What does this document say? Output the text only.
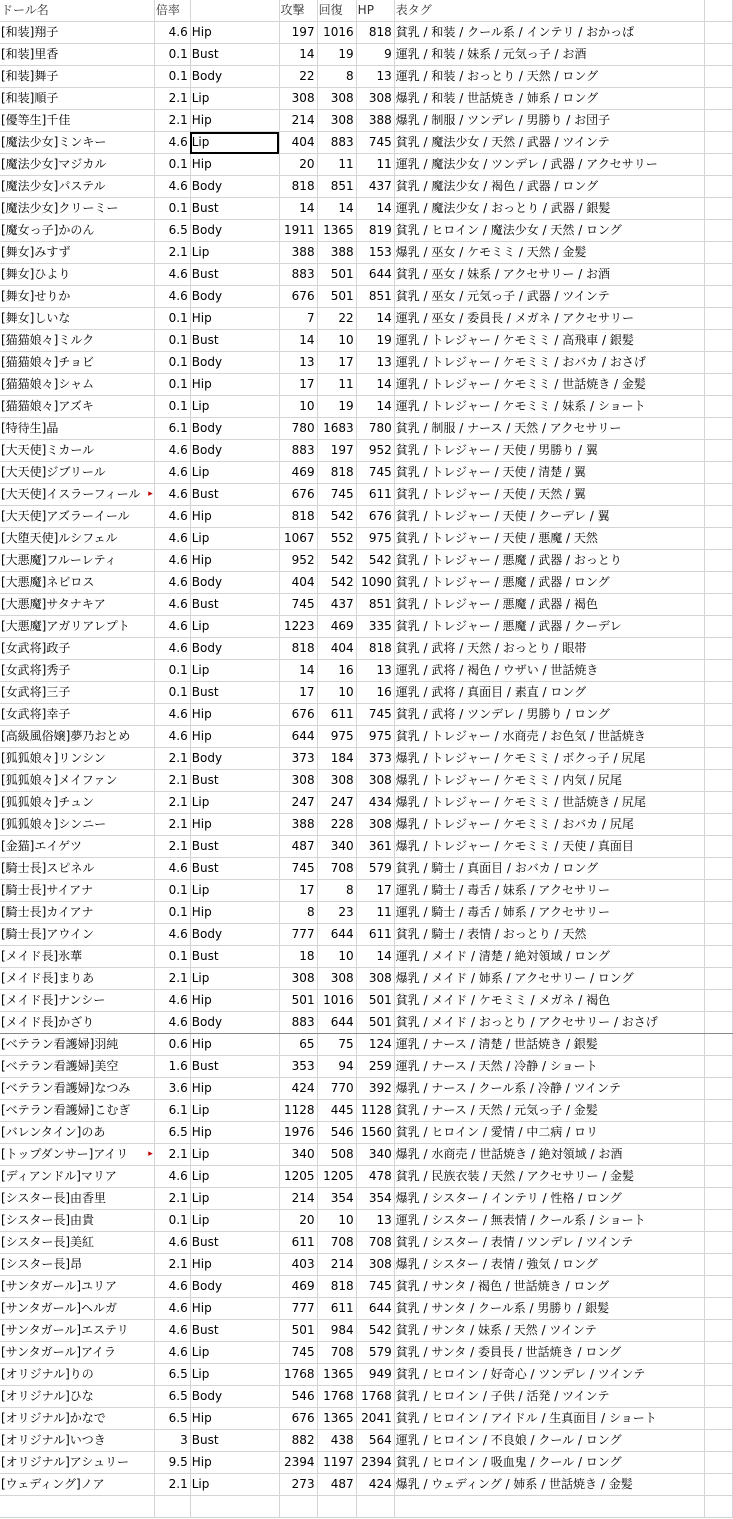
ドール名	倍率		攻撃	回復	HP	表タグ	
[和装]翔子	4.6	Hip	197	1016	818	貧乳 / 和装 / クール系 / インテリ / おかっぱ	
[和装]里香	0.1	Bust	14	19	9	運乳 / 和装 / 妹系 / 元気っ子 / お酒	
[和装]舞子	0.1	Body	22	8	13	運乳 / 和装 / おっとり / 天然 / ロング	
[和装]順子	2.1	Lip	308	308	308	爆乳 / 和装 / 世話焼き / 姉系 / ロング	
[優等生]千佳	2.1	Hip	214	308	388	爆乳 / 制服 / ツンデレ / 男勝り / お団子	
[魔法少女]ミンキー	4.6	Lip	404	883	745	貧乳 / 魔法少女 / 天然 / 武器 / ツインテ	
[魔法少女]マジカル	0.1	Hip	20	11	11	運乳 / 魔法少女 / ツンデレ / 武器 / アクセサリー	
[魔法少女]パステル	4.6	Body	818	851	437	貧乳 / 魔法少女 / 褐色 / 武器 / ロング	
[魔法少女]クリーミー	0.1	Bust	14	14	14	運乳 / 魔法少女 / おっとり / 武器 / 銀髪	
[魔女っ子]かのん	6.5	Body	1911	1365	819	貧乳 / ヒロイン / 魔法少女 / 天然 / ロング	
[舞女]みすず	2.1	Lip	388	388	153	爆乳 / 巫女 / ケモミミ / 天然 / 金髪	
[舞女]ひより	4.6	Bust	883	501	644	貧乳 / 巫女 / 妹系 / アクセサリー / お酒	
[舞女]せりか	4.6	Body	676	501	851	貧乳 / 巫女 / 元気っ子 / 武器 / ツインテ	
[舞女]しいな	0.1	Hip	7	22	14	運乳 / 巫女 / 委員長 / メガネ / アクセサリー	
[猫猫娘々]ミルク	0.1	Bust	14	10	19	運乳 / トレジャー / ケモミミ / 高飛車 / 銀髪	
[猫猫娘々]チョビ	0.1	Body	13	17	13	運乳 / トレジャー / ケモミミ / おバカ / おさげ	
[猫猫娘々]シャム	0.1	Hip	17	11	14	運乳 / トレジャー / ケモミミ / 世話焼き / 金髪	
[猫猫娘々]アズキ	0.1	Lip	10	19	14	運乳 / トレジャー / ケモミミ / 妹系 / ショート	
[特待生]晶	6.1	Body	780	1683	780	貧乳 / 制服 / ナース / 天然 / アクセサリー	
[大天使]ミカール	4.6	Body	883	197	952	貧乳 / トレジャー / 天使 / 男勝り / 翼	
[大天使]ジブリール	4.6	Lip	469	818	745	貧乳 / トレジャー / 天使 / 清楚 / 翼	
[大天使]イスラーフィール ▸	4.6	Bust	676	745	611	貧乳 / トレジャー / 天使 / 天然 / 翼	
[大天使]アズラーイール	4.6	Hip	818	542	676	貧乳 / トレジャー / 天使 / クーデレ / 翼	
[大堕天使]ルシフェル	4.6	Lip	1067	552	975	貧乳 / トレジャー / 天使 / 悪魔 / 天然	
[大悪魔]フルーレティ	4.6	Hip	952	542	542	貧乳 / トレジャー / 悪魔 / 武器 / おっとり	
[大悪魔]ネビロス	4.6	Body	404	542	1090	貧乳 / トレジャー / 悪魔 / 武器 / ロング	
[大悪魔]サタナキア	4.6	Bust	745	437	851	貧乳 / トレジャー / 悪魔 / 武器 / 褐色	
[大悪魔]アガリアレプト	4.6	Lip	1223	469	335	貧乳 / トレジャー / 悪魔 / 武器 / クーデレ	
[女武将]政子	4.6	Body	818	404	818	貧乳 / 武将 / 天然 / おっとり / 眼帯	
[女武将]秀子	0.1	Lip	14	16	13	運乳 / 武将 / 褐色 / ウザい / 世話焼き	
[女武将]三子	0.1	Bust	17	10	16	運乳 / 武将 / 真面目 / 素直 / ロング	
[女武将]幸子	4.6	Hip	676	611	745	貧乳 / 武将 / ツンデレ / 男勝り / ロング	
[高級風俗嬢]夢乃おとめ	4.6	Hip	644	975	975	貧乳 / トレジャー / 水商売 / お色気 / 世話焼き	
[狐狐娘々]リンシン	2.1	Body	373	184	373	爆乳 / トレジャー / ケモミミ / ボクっ子 / 尻尾	
[狐狐娘々]メイファン	2.1	Bust	308	308	308	爆乳 / トレジャー / ケモミミ / 内気 / 尻尾	
[狐狐娘々]チュン	2.1	Lip	247	247	434	爆乳 / トレジャー / ケモミミ / 世話焼き / 尻尾	
[狐狐娘々]シンニー	2.1	Hip	388	228	308	爆乳 / トレジャー / ケモミミ / おバカ / 尻尾	
[金猫]エイゲツ	2.1	Bust	487	340	361	爆乳 / トレジャー / ケモミミ / 天使 / 真面目	
[騎士長]スピネル	4.6	Bust	745	708	579	貧乳 / 騎士 / 真面目 / おバカ / ロング	
[騎士長]サイアナ	0.1	Lip	17	8	17	運乳 / 騎士 / 毒舌 / 妹系 / アクセサリー	
[騎士長]カイアナ	0.1	Hip	8	23	11	運乳 / 騎士 / 毒舌 / 姉系 / アクセサリー	
[騎士長]アウイン	4.6	Body	777	644	611	貧乳 / 騎士 / 表情 / おっとり / 天然	
[メイド長]氷華	0.1	Bust	18	10	14	運乳 / メイド / 清楚 / 絶対領域 / ロング	
[メイド長]まりあ	2.1	Lip	308	308	308	爆乳 / メイド / 姉系 / アクセサリー / ロング	
[メイド長]ナンシー	4.6	Hip	501	1016	501	貧乳 / メイド / ケモミミ / メガネ / 褐色	
[メイド長]かざり	4.6	Body	883	644	501	貧乳 / メイド / おっとり / アクセサリー / おさげ	
[ベテラン看護婦]羽純	0.6	Hip	65	75	124	運乳 / ナース / 清楚 / 世話焼き / 銀髪	
[ベテラン看護婦]美空	1.6	Bust	353	94	259	運乳 / ナース / 天然 / 冷静 / ショート	
[ベテラン看護婦]なつみ	3.6	Hip	424	770	392	爆乳 / ナース / クール系 / 冷静 / ツインテ	
[ベテラン看護婦]こむぎ	6.1	Lip	1128	445	1128	貧乳 / ナース / 天然 / 元気っ子 / 金髪	
[バレンタイン]のあ	6.5	Hip	1976	546	1560	貧乳 / ヒロイン / 愛情 / 中二病 / ロリ	
[トップダンサー]アイリ ▸	2.1	Lip	340	508	340	爆乳 / 水商売 / 世話焼き / 絶対領域 / お酒	
[ディアンドル]マリア	4.6	Lip	1205	1205	478	貧乳 / 民族衣装 / 天然 / アクセサリー / 金髪	
[シスター長]由香里	2.1	Lip	214	354	354	爆乳 / シスター / インテリ / 性格 / ロング	
[シスター長]由貴	0.1	Lip	20	10	13	運乳 / シスター / 無表情 / クール系 / ショート	
[シスター長]美紅	4.6	Bust	611	708	708	貧乳 / シスター / 表情 / ツンデレ / ツインテ	
[シスター長]昂	2.1	Hip	403	214	308	爆乳 / シスター / 表情 / 強気 / ロング	
[サンタガール]ユリア	4.6	Body	469	818	745	貧乳 / サンタ / 褐色 / 世話焼き / ロング	
[サンタガール]ヘルガ	4.6	Hip	777	611	644	貧乳 / サンタ / クール系 / 男勝り / 銀髪	
[サンタガール]エステリ	4.6	Bust	501	984	542	貧乳 / サンタ / 妹系 / 天然 / ツインテ	
[サンタガール]アイラ	4.6	Lip	745	708	579	貧乳 / サンタ / 委員長 / 世話焼き / ロング	
[オリジナル]りの	6.5	Lip	1768	1365	949	貧乳 / ヒロイン / 好奇心 / ツンデレ / ツインテ	
[オリジナル]ひな	6.5	Body	546	1768	1768	貧乳 / ヒロイン / 子供 / 活発 / ツインテ	
[オリジナル]かなで	6.5	Hip	676	1365	2041	貧乳 / ヒロイン / アイドル / 生真面目 / ショート	
[オリジナル]いつき	3	Bust	882	438	564	運乳 / ヒロイン / 不良娘 / クール / ロング	
[オリジナル]アシュリー	9.5	Hip	2394	1197	2394	貧乳 / ヒロイン / 吸血鬼 / クール / ロング	
[ウェディング]ノア	2.1	Lip	273	487	424	爆乳 / ウェディング / 姉系 / 世話焼き / 金髪	
